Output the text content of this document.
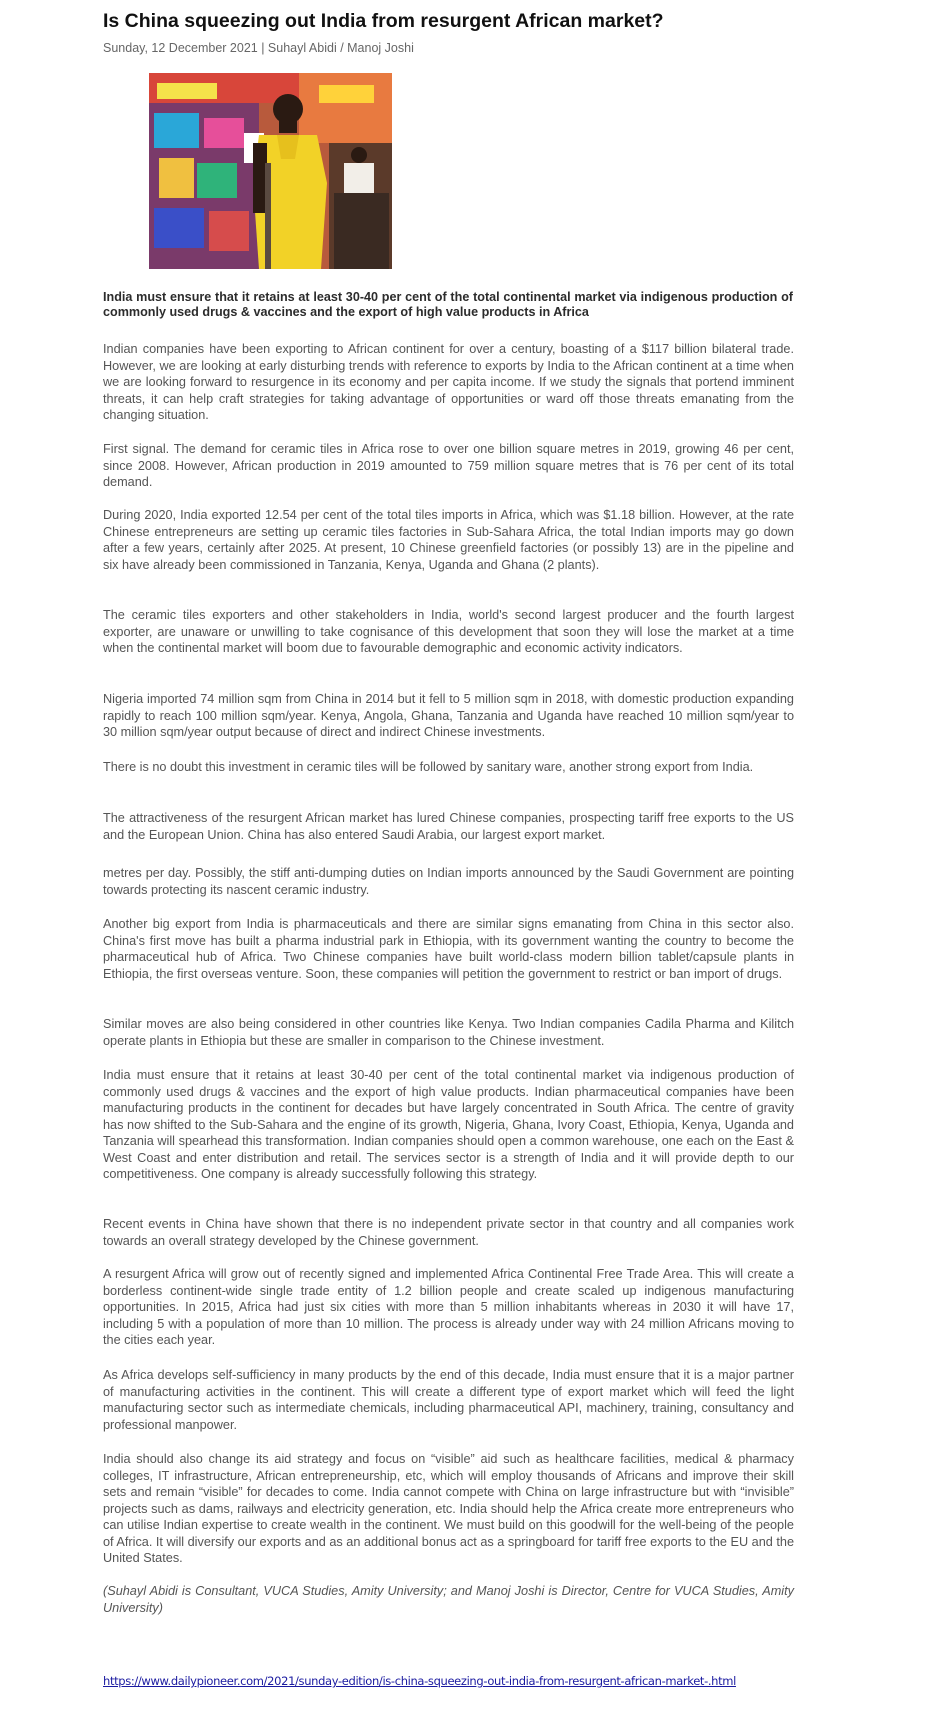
Is China squeezing out India from resurgent African market?
Sunday, 12 December 2021 | Suhayl Abidi / Manoj Joshi

India must ensure that it retains at least 30-40 per cent of the total continental market via indigenous production of commonly used drugs & vaccines and the export of high value products in Africa

Indian companies have been exporting to African continent for over a century, boasting of a $117 billion bilateral trade. However, we are looking at early disturbing trends with reference to exports by India to the African continent at a time when we are looking forward to resurgence in its economy and per capita income. If we study the signals that portend imminent threats, it can help craft strategies for taking advantage of opportunities or ward off those threats emanating from the changing situation.

First signal. The demand for ceramic tiles in Africa rose to over one billion square metres in 2019, growing 46 per cent, since 2008. However, African production in 2019 amounted to 759 million square metres that is 76 per cent of its total demand.

During 2020, India exported 12.54 per cent of the total tiles imports in Africa, which was $1.18 billion. However, at the rate Chinese entrepreneurs are setting up ceramic tiles factories in Sub-Sahara Africa, the total Indian imports may go down after a few years, certainly after 2025. At present, 10 Chinese greenfield factories (or possibly 13) are in the pipeline and six have already been commissioned in Tanzania, Kenya, Uganda and Ghana (2 plants).

The ceramic tiles exporters and other stakeholders in India, world's second largest producer and the fourth largest exporter, are unaware or unwilling to take cognisance of this development that soon they will lose the market at a time when the continental market will boom due to favourable demographic and economic activity indicators.

Nigeria imported 74 million sqm from China in 2014 but it fell to 5 million sqm in 2018, with domestic production expanding rapidly to reach 100 million sqm/year. Kenya, Angola, Ghana, Tanzania and Uganda have reached 10 million sqm/year to 30 million sqm/year output because of direct and indirect Chinese investments.

There is no doubt this investment in ceramic tiles will be followed by sanitary ware, another strong export from India.

The attractiveness of the resurgent African market has lured Chinese companies, prospecting tariff free exports to the US and the European Union. China has also entered Saudi Arabia, our largest export market.

metres per day. Possibly, the stiff anti-dumping duties on Indian imports announced by the Saudi Government are pointing towards protecting its nascent ceramic industry.

Another big export from India is pharmaceuticals and there are similar signs emanating from China in this sector also. China's first move has built a pharma industrial park in Ethiopia, with its government wanting the country to become the pharmaceutical hub of Africa. Two Chinese companies have built world-class modern billion tablet/capsule plants in Ethiopia, the first overseas venture. Soon, these companies will petition the government to restrict or ban import of drugs.

Similar moves are also being considered in other countries like Kenya. Two Indian companies Cadila Pharma and Kilitch operate plants in Ethiopia but these are smaller in comparison to the Chinese investment.

India must ensure that it retains at least 30-40 per cent of the total continental market via indigenous production of commonly used drugs & vaccines and the export of high value products. Indian pharmaceutical companies have been manufacturing products in the continent for decades but have largely concentrated in South Africa. The centre of gravity has now shifted to the Sub-Sahara and the engine of its growth, Nigeria, Ghana, Ivory Coast, Ethiopia, Kenya, Uganda and Tanzania will spearhead this transformation. Indian companies should open a common warehouse, one each on the East & West Coast and enter distribution and retail. The services sector is a strength of India and it will provide depth to our competitiveness. One company is already successfully following this strategy.

Recent events in China have shown that there is no independent private sector in that country and all companies work towards an overall strategy developed by the Chinese government.

A resurgent Africa will grow out of recently signed and implemented Africa Continental Free Trade Area. This will create a borderless continent-wide single trade entity of 1.2 billion people and create scaled up indigenous manufacturing opportunities. In 2015, Africa had just six cities with more than 5 million inhabitants whereas in 2030 it will have 17, including 5 with a population of more than 10 million. The process is already under way with 24 million Africans moving to the cities each year.

As Africa develops self-sufficiency in many products by the end of this decade, India must ensure that it is a major partner of manufacturing activities in the continent. This will create a different type of export market which will feed the light manufacturing sector such as intermediate chemicals, including pharmaceutical API, machinery, training, consultancy and professional manpower.

India should also change its aid strategy and focus on “visible” aid such as healthcare facilities, medical & pharmacy colleges, IT infrastructure, African entrepreneurship, etc, which will employ thousands of Africans and improve their skill sets and remain “visible” for decades to come. India cannot compete with China on large infrastructure but with “invisible” projects such as dams, railways and electricity generation, etc. India should help the Africa create more entrepreneurs who can utilise Indian expertise to create wealth in the continent. We must build on this goodwill for the well-being of the people of Africa. It will diversify our exports and as an additional bonus act as a springboard for tariff free exports to the EU and the United States.

(Suhayl Abidi is Consultant, VUCA Studies, Amity University; and Manoj Joshi is Director, Centre for VUCA Studies, Amity University)

https://www.dailypioneer.com/2021/sunday-edition/is-china-squeezing-out-india-from-resurgent-african-market-.html
